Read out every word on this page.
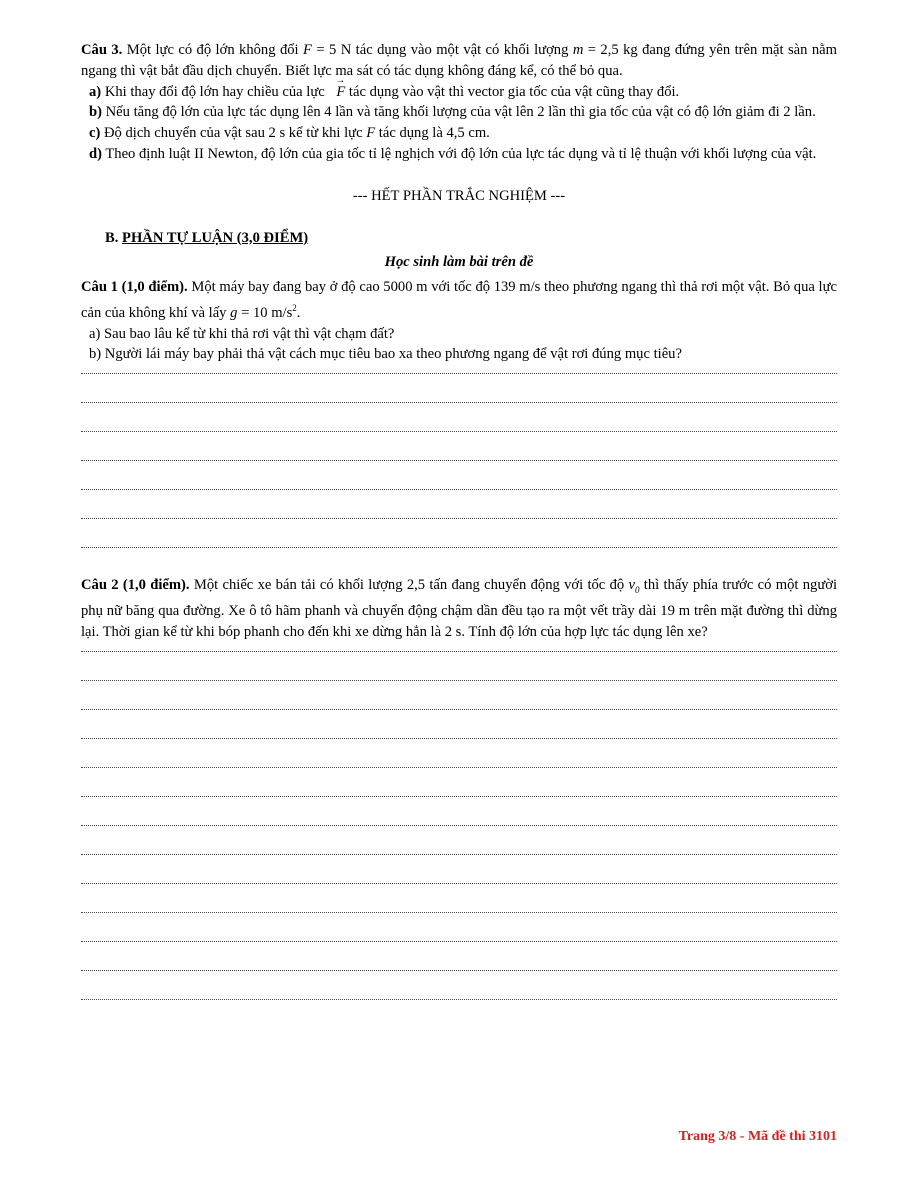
Câu 3. Một lực có độ lớn không đổi F = 5 N tác dụng vào một vật có khối lượng m = 2,5 kg đang đứng yên trên mặt sàn nằm ngang thì vật bắt đầu dịch chuyển. Biết lực ma sát có tác dụng không đáng kể, có thể bỏ qua.

a) Khi thay đổi độ lớn hay chiều của lực → F tác dụng vào vật thì vector gia tốc của vật cũng thay đổi.

b) Nếu tăng độ lớn của lực tác dụng lên 4 lần và tăng khối lượng của vật lên 2 lần thì gia tốc của vật có độ lớn giảm đi 2 lần.

c) Độ dịch chuyển của vật sau 2 s kể từ khi lực F tác dụng là 4,5 cm.

d) Theo định luật II Newton, độ lớn của gia tốc tỉ lệ nghịch với độ lớn của lực tác dụng và tỉ lệ thuận với khối lượng của vật.

--- HẾT PHẦN TRẮC NGHIỆM ---

B. PHẦN TỰ LUẬN (3,0 ĐIỂM)

Học sinh làm bài trên đề

Câu 1 (1,0 điểm). Một máy bay đang bay ở độ cao 5000 m với tốc độ 139 m/s theo phương ngang thì thả rơi một vật. Bỏ qua lực cản của không khí và lấy g = 10 $m/s^2$.

a) Sau bao lâu kể từ khi thả rơi vật thì vật chạm đất?

b) Người lái máy bay phải thả vật cách mục tiêu bao xa theo phương ngang để vật rơi đúng mục tiêu?

Câu 2 (1,0 điểm). Một chiếc xe bán tải có khối lượng 2,5 tấn đang chuyển động với tốc độ $v_0$ thì thấy phía trước có một người phụ nữ băng qua đường. Xe ô tô hãm phanh và chuyển động chậm dần đều tạo ra một vết trầy dài 19 m trên mặt đường thì dừng lại. Thời gian kể từ khi bóp phanh cho đến khi xe dừng hẳn là 2 s. Tính độ lớn của hợp lực tác dụng lên xe?

Trang 3/8 - Mã đề thi 3101
